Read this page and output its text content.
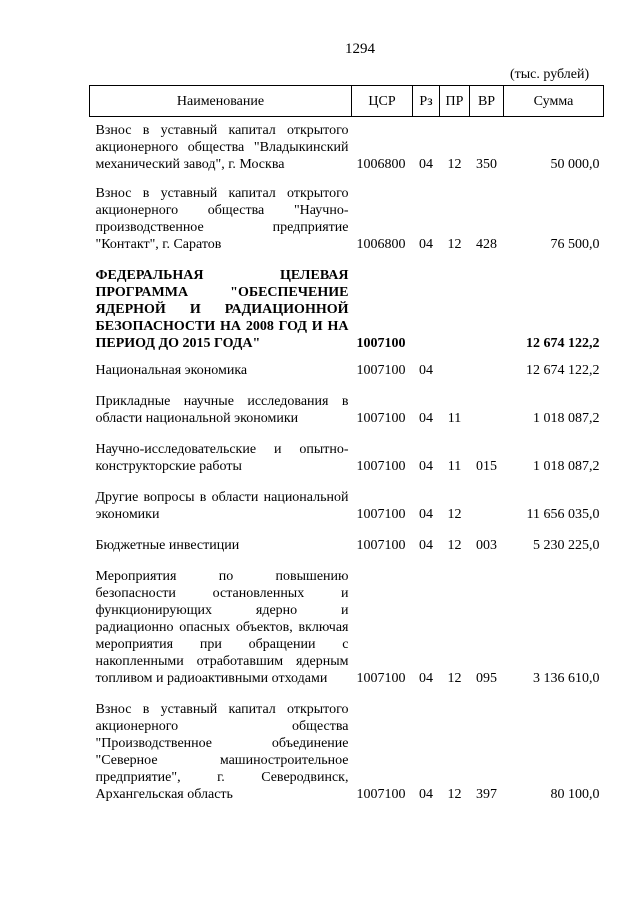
1294
(тыс. рублей)
Наименование	ЦСР	Рз	ПР	ВР	Сумма

Взнос в уставный капитал открытого акционерного общества "Владыкинский механический завод", г. Москва	1006800	04	12	350	50 000,0

Взнос в уставный капитал открытого акционерного общества "Научно-производственное предприятие "Контакт", г. Саратов	1006800	04	12	428	76 500,0

ФЕДЕРАЛЬНАЯ ЦЕЛЕВАЯ ПРОГРАММА "ОБЕСПЕЧЕНИЕ ЯДЕРНОЙ И РАДИАЦИОННОЙ БЕЗОПАСНОСТИ НА 2008 ГОД И НА ПЕРИОД ДО 2015 ГОДА"	1007100				12 674 122,2

Национальная экономика	1007100	04			12 674 122,2

Прикладные научные исследования в области национальной экономики	1007100	04	11		1 018 087,2

Научно-исследовательские и опытно-конструкторские работы	1007100	04	11	015	1 018 087,2

Другие вопросы в области национальной экономики	1007100	04	12		11 656 035,0

Бюджетные инвестиции	1007100	04	12	003	5 230 225,0

Мероприятия по повышению безопасности остановленных и функционирующих ядерно и радиационно опасных объектов, включая мероприятия при обращении с накопленными отработавшим ядерным топливом и радиоактивными отходами	1007100	04	12	095	3 136 610,0

Взнос в уставный капитал открытого акционерного общества "Производственное объединение "Северное машиностроительное предприятие", г. Северодвинск, Архангельская область	1007100	04	12	397	80 100,0
